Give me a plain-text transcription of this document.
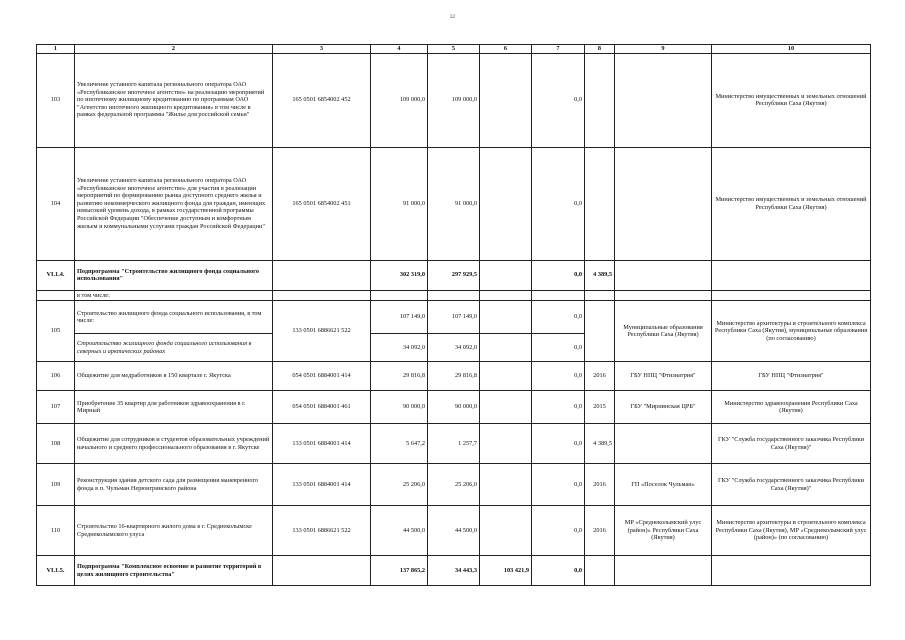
32
1	2	3	4	5	6	7	8	9	10
103	Увеличение уставного капитала регионального оператора ОАО «Республиканское ипотечное агентство» на реализацию мероприятий по ипотечному жилищному кредитованию по программам ОАО "Агентство ипотечного жилищного кредитования» в том числе в рамках федеральной программы "Жилье для российской семьи"	165 0501 6854002 452	109 000,0	109 000,0		0,0			Министерство имущественных и земельных отношений Республики Саха (Якутия)
104	Увеличение уставного капитала регионального оператора ОАО «Республиканское ипотечное агентство» для участия в реализации мероприятий по формированию рынка доступного среднего жилья и развитию некоммерческого жилищного фонда для граждан, имеющих невысокий уровень дохода, в рамках государственной программы Российской Федерации "Обеспечение доступным и комфортным жильем и коммунальными услугами граждан Российской Федерации"	165 0501 6854002 451	91 000,0	91 000,0		0,0			Министерство имущественных и земельных отношений Республики Саха (Якутия)
VI.1.4.	Подпрограмма "Строительство жилищного фонда социального использования"		302 319,0	297 929,5		0,0	4 389,5		
	в том числе:								
105	Строительство жилищного фонда социального использования, в том числе:	133 0501 6886621 522	107 149,0	107 149,0		0,0		Муниципальные образования Республики Саха (Якутия)	Министерство архитектуры и строительного комплекса Республики Саха (Якутия), муниципальные образования (по согласованию)
	Строительство жилищного фонда социального использования в северных и арктических районах		34 092,0	34 092,0		0,0			
106	Общежитие для медработников в 150 квартале г. Якутска	054 0501 6884001 414	29 816,8	29 816,8		0,0	2016	ГБУ НПЦ "Фтизиатрия"	ГБУ НПЦ "Фтизиатрия"
107	Приобретение 35 квартир для работников здравоохранения в г. Мирный	054 0501 6884001 461	90 000,0	90 000,0		0,0	2015	ГБУ "Мирнинская ЦРБ"	Министерство здравоохранения Республики Саха (Якутия)
108	Общежитие для сотрудников и студентов образовательных учреждений начального и среднего профессионального образования в г. Якутске	133 0501 6884001 414	5 647,2	1 257,7		0,0	4 389,5		ГКУ "Служба государственного заказчика Республики Саха (Якутия)"
109	Реконструкция здания детского сада для размещения маневренного фонда в п. Чульман Нерюнгринского района	133 0501 6884001 414	25 206,0	25 206,0		0,0	2016	ГП «Поселок Чульман»	ГКУ "Служба государственного заказчика Республики Саха (Якутия)"
110	Строительство 16-квартирного жилого дома в г. Среднеколымске Среднеколымского улуса	133 0501 6886621 522	44 500,0	44 500,0		0,0	2016	МР «Среднеколымский улус (район)» Республики Саха (Якутия)	Министерство архитектуры и строительного комплекса Республики Саха (Якутия), МР «Среднеколымский улус (район)» (по согласованию)
VI.1.5.	Подпрограмма "Комплексное освоение и развитие территорий в целях жилищного строительства"		137 865,2	34 443,3	103 421,9	0,0			
